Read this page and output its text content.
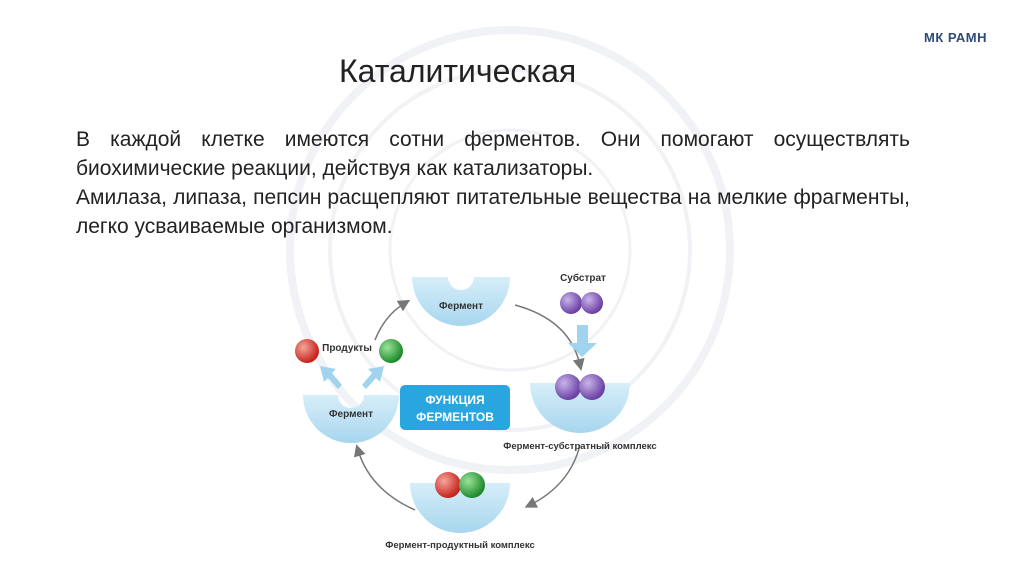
МК РАМН
Каталитическая

В каждой клетке имеются сотни ферментов. Они помогают осуществлять биохимические реакции, действуя как катализаторы.

Амилаза, липаза, пепсин расщепляют питательные вещества на мелкие фрагменты, легко усваиваемые организмом.

Фермент
Субстрат
Фермент-субстратный комплекс
ФУНКЦИЯ
ФЕРМЕНТОВ
Продукты
Фермент
Фермент-продуктный комплекс
